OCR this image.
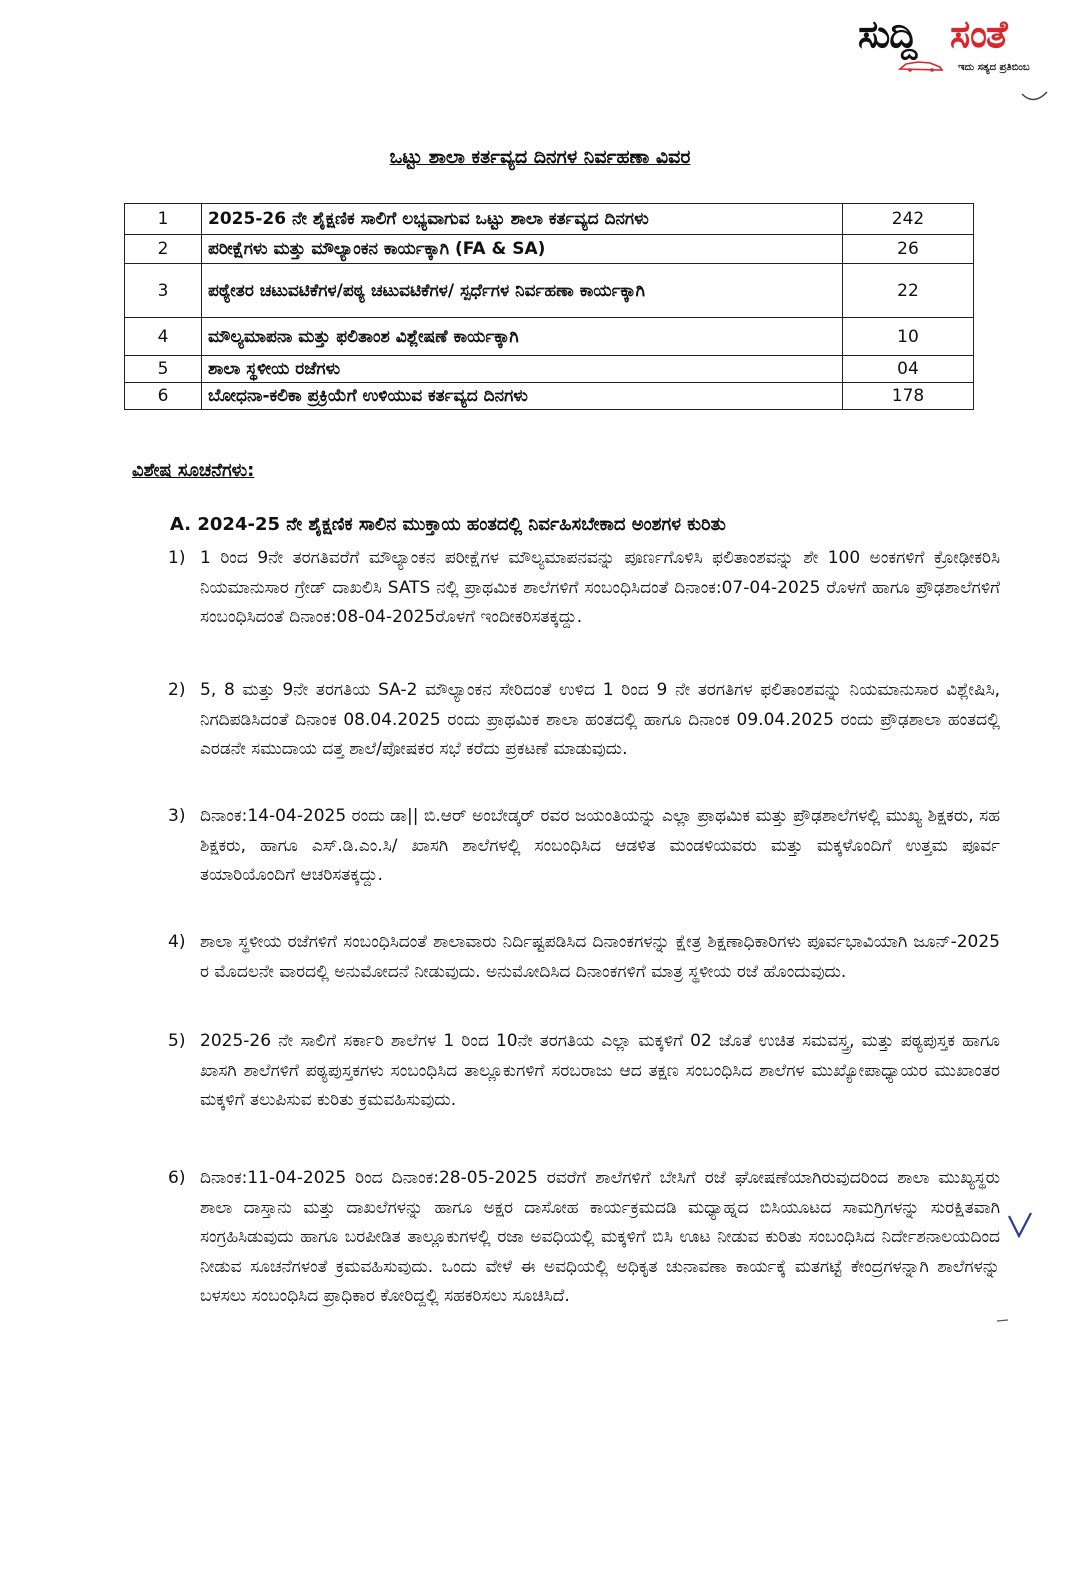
ಸುದ್ದಿ ಸಂತೆ
ಇದು ಸತ್ಯದ ಪ್ರತಿಬಿಂಬ
ಒಟ್ಟು ಶಾಲಾ ಕರ್ತವ್ಯದ ದಿನಗಳ ನಿರ್ವಹಣಾ ವಿವರ
1	2025-26 ನೇ ಶೈಕ್ಷಣಿಕ ಸಾಲಿಗೆ ಲಭ್ಯವಾಗುವ ಒಟ್ಟು ಶಾಲಾ ಕರ್ತವ್ಯದ ದಿನಗಳು	242
2	ಪರೀಕ್ಷೆಗಳು ಮತ್ತು ಮೌಲ್ಯಾಂಕನ ಕಾರ್ಯಕ್ಕಾಗಿ (FA & SA)	26
3	ಪಠ್ಯೇತರ ಚಟುವಟಿಕೆಗಳ/ಪಠ್ಯ ಚಟುವಟಿಕೆಗಳ/ ಸ್ಪರ್ಧೆಗಳ ನಿರ್ವಹಣಾ ಕಾರ್ಯಕ್ಕಾಗಿ	22
4	ಮೌಲ್ಯಮಾಪನಾ ಮತ್ತು ಫಲಿತಾಂಶ ವಿಶ್ಲೇಷಣೆ ಕಾರ್ಯಕ್ಕಾಗಿ	10
5	ಶಾಲಾ ಸ್ಥಳೀಯ ರಜೆಗಳು	04
6	ಬೋಧನಾ-ಕಲಿಕಾ ಪ್ರಕ್ರಿಯೆಗೆ ಉಳಿಯುವ ಕರ್ತವ್ಯದ ದಿನಗಳು	178
ವಿಶೇಷ ಸೂಚನೆಗಳು:
A. 2024-25 ನೇ ಶೈಕ್ಷಣಿಕ ಸಾಲಿನ ಮುಕ್ತಾಯ ಹಂತದಲ್ಲಿ ನಿರ್ವಹಿಸಬೇಕಾದ ಅಂಶಗಳ ಕುರಿತು
1) 1 ರಿಂದ 9ನೇ ತರಗತಿವರೆಗೆ ಮೌಲ್ಯಾಂಕನ ಪರೀಕ್ಷೆಗಳ ಮೌಲ್ಯಮಾಪನವನ್ನು ಪೂರ್ಣಗೊಳಿಸಿ ಫಲಿತಾಂಶವನ್ನು ಶೇ 100 ಅಂಕಗಳಿಗೆ ಕ್ರೋಢೀಕರಿಸಿ ನಿಯಮಾನುಸಾರ ಗ್ರೇಡ್ ದಾಖಲಿಸಿ SATS ನಲ್ಲಿ ಪ್ರಾಥಮಿಕ ಶಾಲೆಗಳಿಗೆ ಸಂಬಂಧಿಸಿದಂತೆ ದಿನಾಂಕ:07-04-2025 ರೊಳಗೆ ಹಾಗೂ ಪ್ರೌಢಶಾಲೆಗಳಿಗೆ ಸಂಬಂಧಿಸಿದಂತೆ ದಿನಾಂಕ:08-04-2025ರೊಳಗೆ ಇಂದೀಕರಿಸತಕ್ಕದ್ದು.
2) 5, 8 ಮತ್ತು 9ನೇ ತರಗತಿಯ SA-2 ಮೌಲ್ಯಾಂಕನ ಸೇರಿದಂತೆ ಉಳಿದ 1 ರಿಂದ 9 ನೇ ತರಗತಿಗಳ ಫಲಿತಾಂಶವನ್ನು ನಿಯಮಾನುಸಾರ ವಿಶ್ಲೇಷಿಸಿ, ನಿಗದಿಪಡಿಸಿದಂತೆ ದಿನಾಂಕ 08.04.2025 ರಂದು ಪ್ರಾಥಮಿಕ ಶಾಲಾ ಹಂತದಲ್ಲಿ ಹಾಗೂ ದಿನಾಂಕ 09.04.2025 ರಂದು ಪ್ರೌಢಶಾಲಾ ಹಂತದಲ್ಲಿ ಎರಡನೇ ಸಮುದಾಯ ದತ್ತ ಶಾಲೆ/ಪೋಷಕರ ಸಭೆ ಕರೆದು ಪ್ರಕಟಣೆ ಮಾಡುವುದು.
3) ದಿನಾಂಕ:14-04-2025 ರಂದು ಡಾ|| ಬಿ.ಆರ್ ಅಂಬೇಡ್ಕರ್ ರವರ ಜಯಂತಿಯನ್ನು ಎಲ್ಲಾ ಪ್ರಾಥಮಿಕ ಮತ್ತು ಪ್ರೌಢಶಾಲೆಗಳಲ್ಲಿ ಮುಖ್ಯ ಶಿಕ್ಷಕರು, ಸಹ ಶಿಕ್ಷಕರು, ಹಾಗೂ ಎಸ್.ಡಿ.ಎಂ.ಸಿ/ ಖಾಸಗಿ ಶಾಲೆಗಳಲ್ಲಿ ಸಂಬಂಧಿಸಿದ ಆಡಳಿತ ಮಂಡಳಿಯವರು ಮತ್ತು ಮಕ್ಕಳೊಂದಿಗೆ ಉತ್ತಮ ಪೂರ್ವ ತಯಾರಿಯೊಂದಿಗೆ ಆಚರಿಸತಕ್ಕದ್ದು.
4) ಶಾಲಾ ಸ್ಥಳೀಯ ರಜೆಗಳಿಗೆ ಸಂಬಂಧಿಸಿದಂತೆ ಶಾಲಾವಾರು ನಿರ್ದಿಷ್ಟಪಡಿಸಿದ ದಿನಾಂಕಗಳನ್ನು ಕ್ಷೇತ್ರ ಶಿಕ್ಷಣಾಧಿಕಾರಿಗಳು ಪೂರ್ವಭಾವಿಯಾಗಿ ಜೂನ್-2025 ರ ಮೊದಲನೇ ವಾರದಲ್ಲಿ ಅನುಮೋದನೆ ನೀಡುವುದು. ಅನುಮೋದಿಸಿದ ದಿನಾಂಕಗಳಿಗೆ ಮಾತ್ರ ಸ್ಥಳೀಯ ರಜೆ ಹೊಂದುವುದು.
5) 2025-26 ನೇ ಸಾಲಿಗೆ ಸರ್ಕಾರಿ ಶಾಲೆಗಳ 1 ರಿಂದ 10ನೇ ತರಗತಿಯ ಎಲ್ಲಾ ಮಕ್ಕಳಿಗೆ 02 ಜೊತೆ ಉಚಿತ ಸಮವಸ್ತ್ರ, ಮತ್ತು ಪಠ್ಯಪುಸ್ತಕ ಹಾಗೂ ಖಾಸಗಿ ಶಾಲೆಗಳಿಗೆ ಪಠ್ಯಪುಸ್ತಕಗಳು ಸಂಬಂಧಿಸಿದ ತಾಲ್ಲೂಕುಗಳಿಗೆ ಸರಬರಾಜು ಆದ ತಕ್ಷಣ ಸಂಬಂಧಿಸಿದ ಶಾಲೆಗಳ ಮುಖ್ಯೋಪಾಧ್ಯಾಯರ ಮುಖಾಂತರ ಮಕ್ಕಳಿಗೆ ತಲುಪಿಸುವ ಕುರಿತು ಕ್ರಮವಹಿಸುವುದು.
6) ದಿನಾಂಕ:11-04-2025 ರಿಂದ ದಿನಾಂಕ:28-05-2025 ರವರೆಗೆ ಶಾಲೆಗಳಿಗೆ ಬೇಸಿಗೆ ರಜೆ ಘೋಷಣೆಯಾಗಿರುವುದರಿಂದ ಶಾಲಾ ಮುಖ್ಯಸ್ಥರು ಶಾಲಾ ದಾಸ್ತಾನು ಮತ್ತು ದಾಖಲೆಗಳನ್ನು ಹಾಗೂ ಅಕ್ಷರ ದಾಸೋಹ ಕಾರ್ಯಕ್ರಮದಡಿ ಮಧ್ಯಾಹ್ನದ ಬಿಸಿಯೂಟದ ಸಾಮಗ್ರಿಗಳನ್ನು ಸುರಕ್ಷಿತವಾಗಿ ಸಂಗ್ರಹಿಸಿಡುವುದು ಹಾಗೂ ಬರಪೀಡಿತ ತಾಲ್ಲೂಕುಗಳಲ್ಲಿ ರಜಾ ಅವಧಿಯಲ್ಲಿ ಮಕ್ಕಳಿಗೆ ಬಿಸಿ ಊಟ ನೀಡುವ ಕುರಿತು ಸಂಬಂಧಿಸಿದ ನಿರ್ದೇಶನಾಲಯದಿಂದ ನೀಡುವ ಸೂಚನೆಗಳಂತೆ ಕ್ರಮವಹಿಸುವುದು. ಒಂದು ವೇಳೆ ಈ ಅವಧಿಯಲ್ಲಿ ಅಧಿಕೃತ ಚುನಾವಣಾ ಕಾರ್ಯಕ್ಕೆ ಮತಗಟ್ಟೆ ಕೇಂದ್ರಗಳನ್ನಾಗಿ ಶಾಲೆಗಳನ್ನು ಬಳಸಲು ಸಂಬಂಧಿಸಿದ ಪ್ರಾಧಿಕಾರ ಕೋರಿದ್ದಲ್ಲಿ ಸಹಕರಿಸಲು ಸೂಚಿಸಿದೆ.
